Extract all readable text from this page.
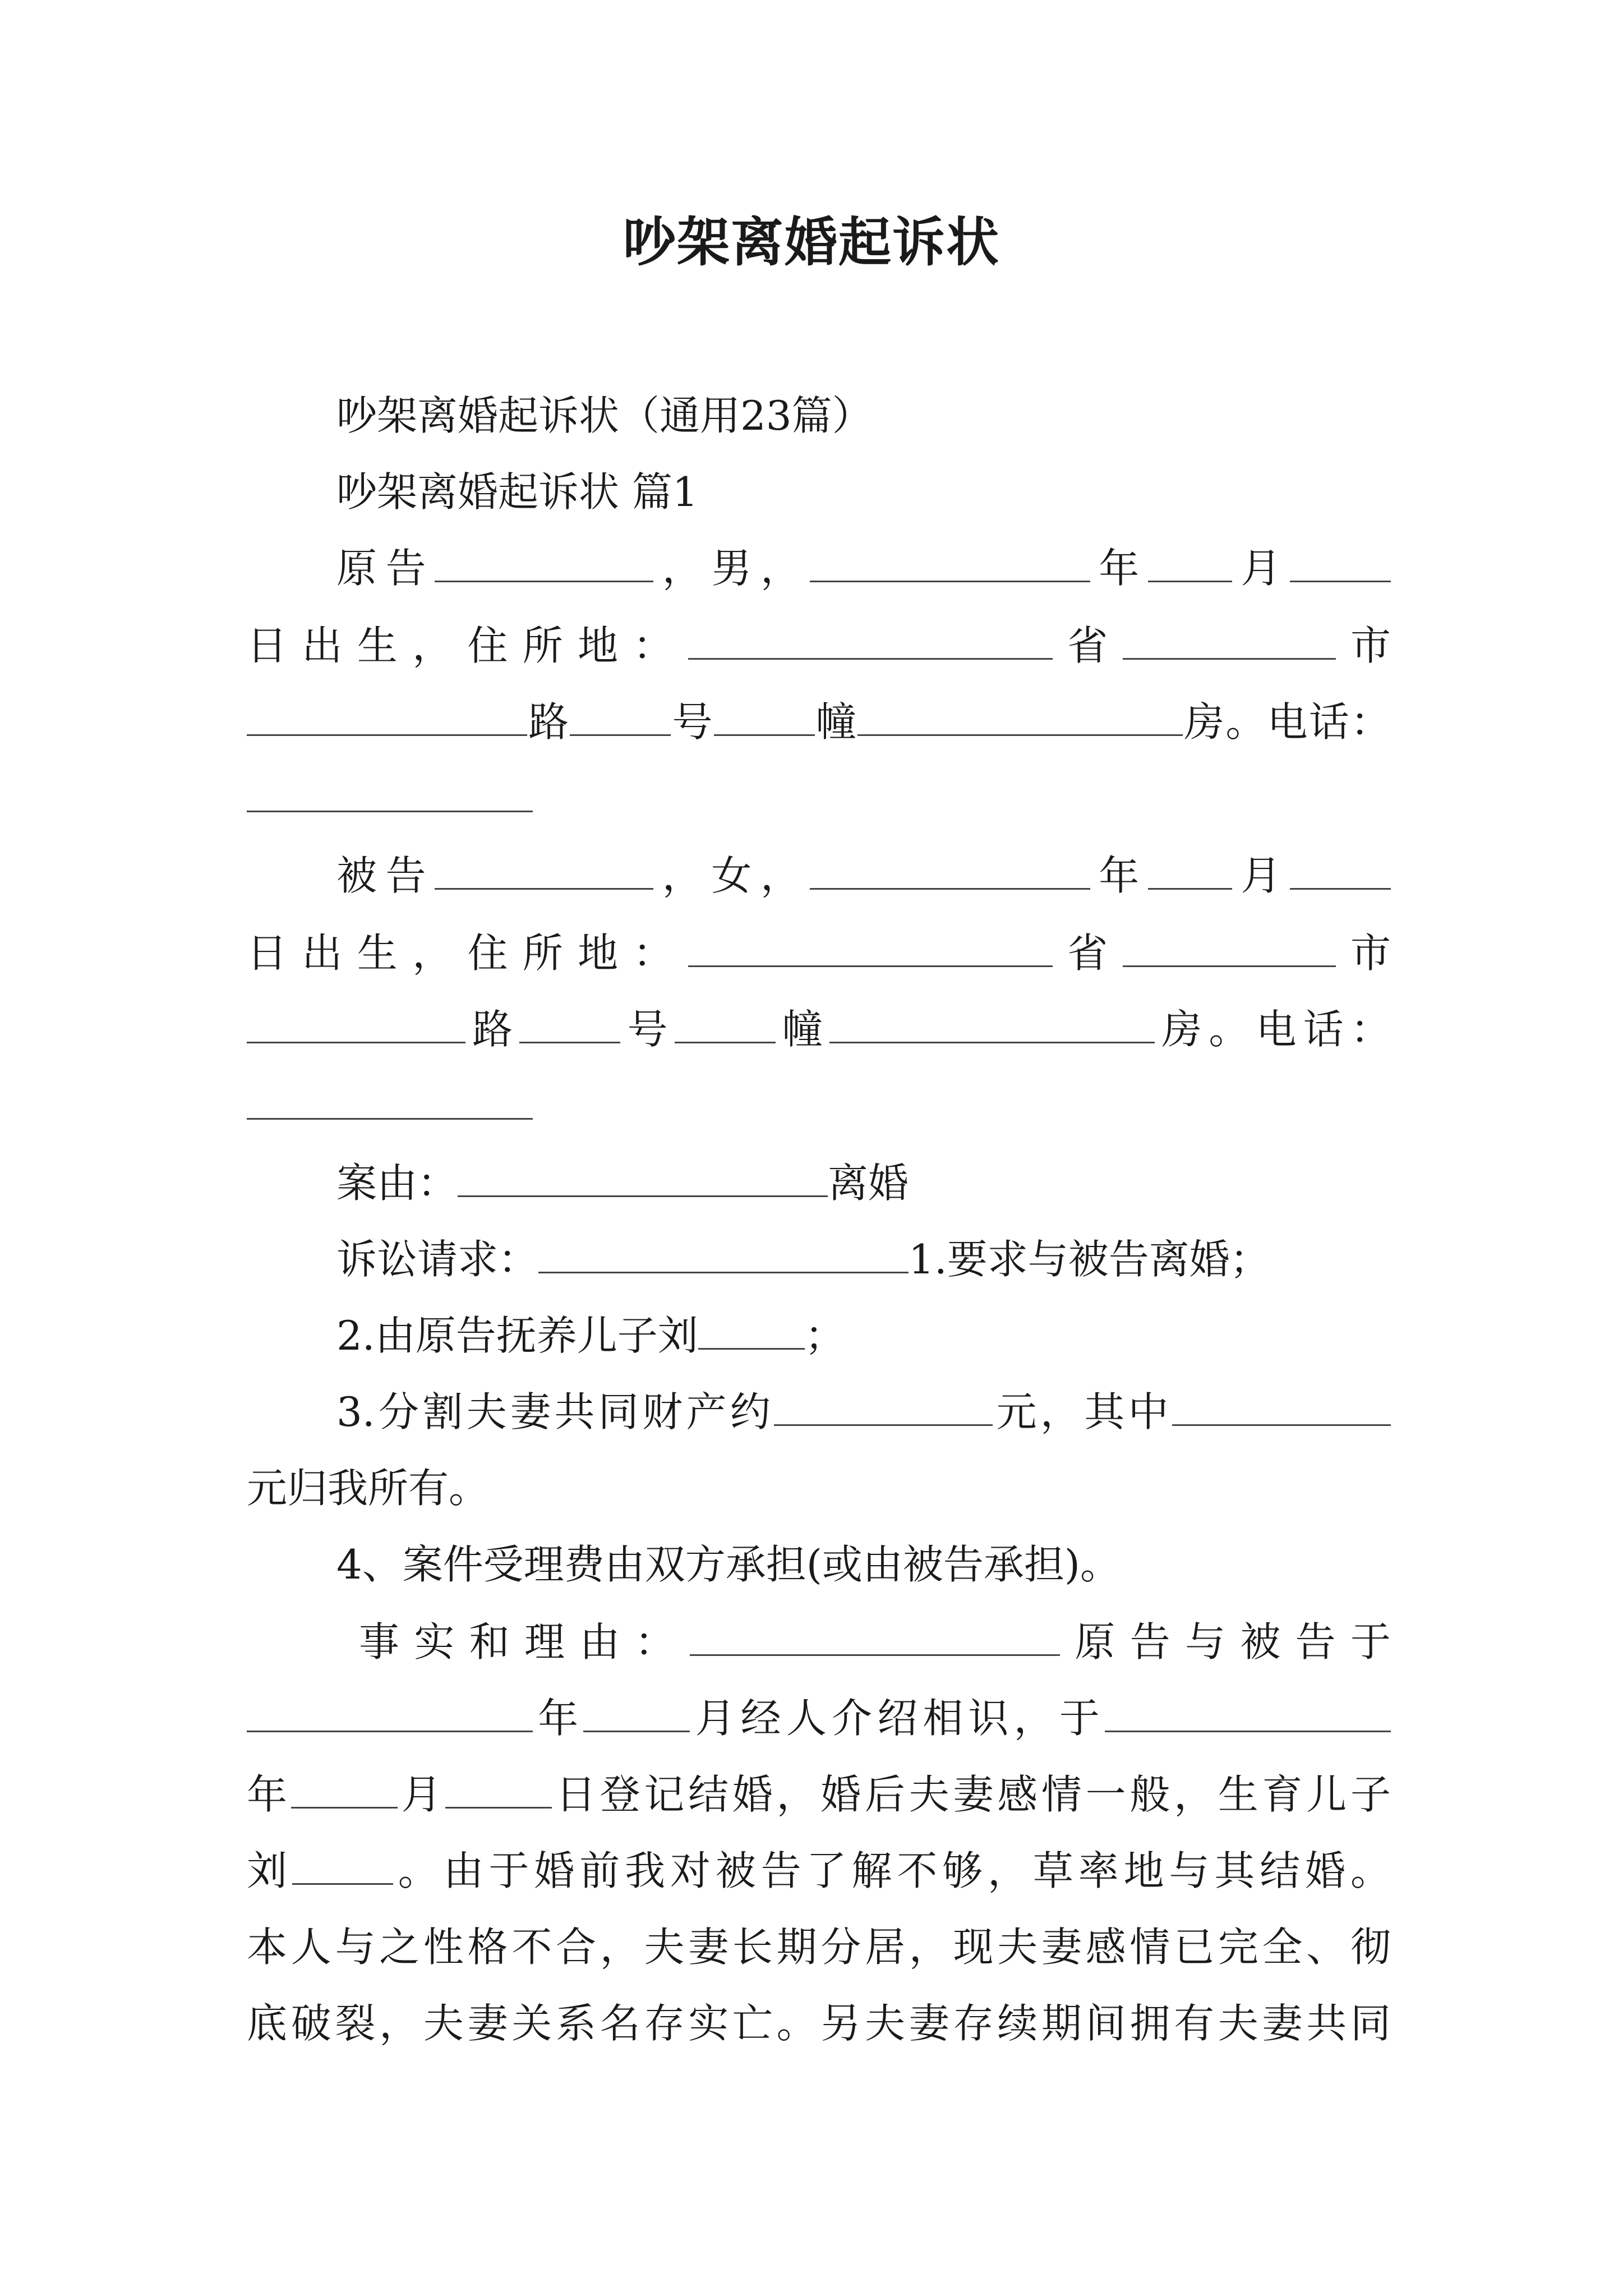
吵架离婚起诉状
吵架离婚起诉状（通用23篇）
吵架离婚起诉状 篇1
原告	，男，	年 月
日出生，住所地：	省	市
路	号	幢	房。电话：
被告	，女，	年 月
日出生，住所地：	省	市
路	号	幢	房。电话：
案由：	离婚
诉讼请求：	1.要求与被告离婚；
2.由原告抚养儿子刘	；
3.分割夫妻共同财产约	元，其中
元归我所有。
4、案件受理费由双方承担(或由被告承担)。
事实和理由：	原告与被告于
年	月经人介绍相识，于
年	月	日登记结婚，婚后夫妻感情一般，生育儿子
刘	。由于婚前我对被告了解不够，草率地与其结婚。
本人与之性格不合，夫妻长期分居，现夫妻感情已完全、彻
底破裂，夫妻关系名存实亡。另夫妻存续期间拥有夫妻共同
